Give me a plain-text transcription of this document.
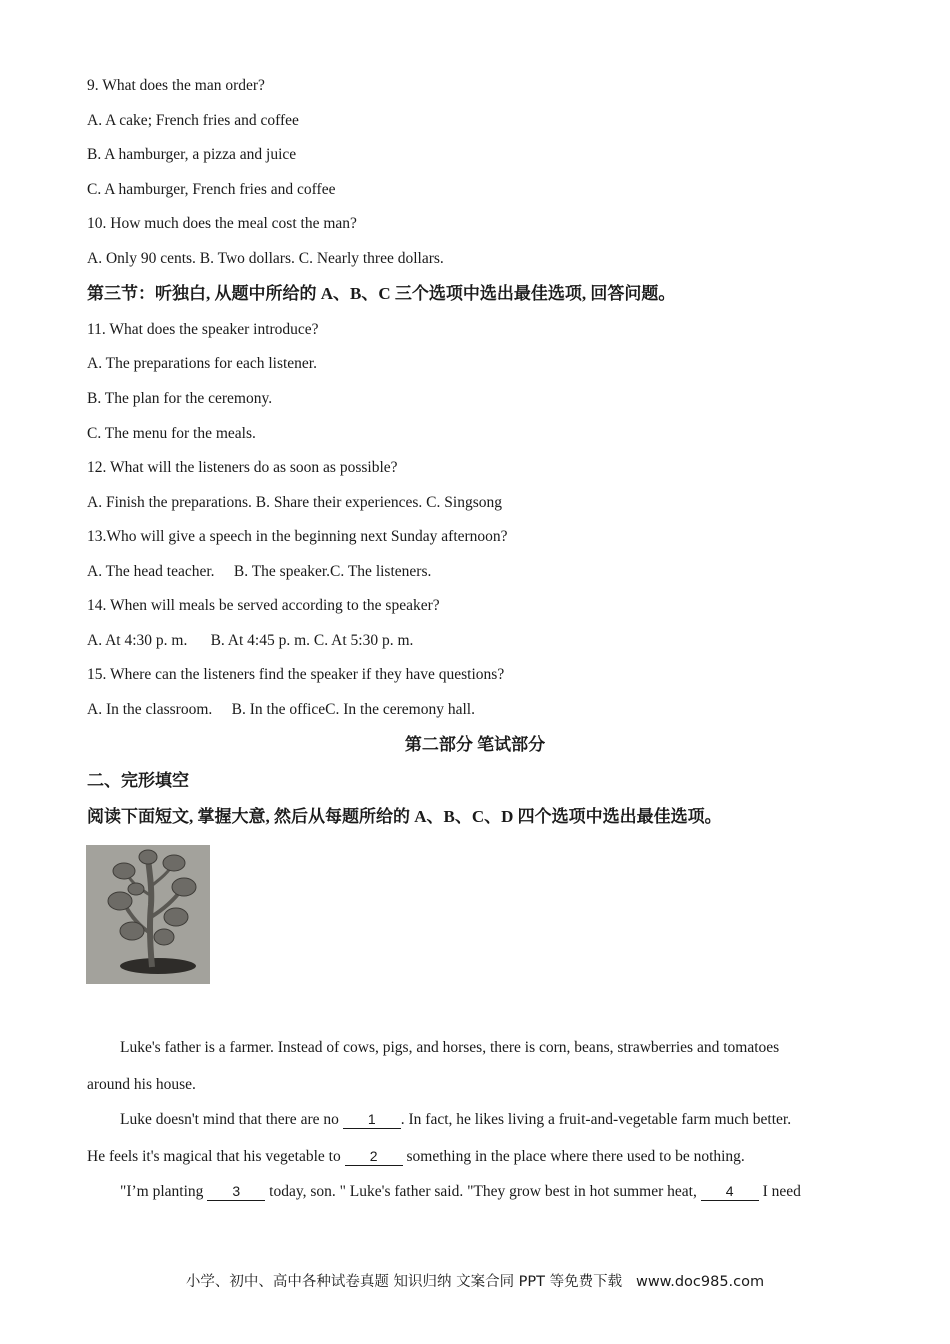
9. What does the man order?
A. A cake; French fries and coffee
B. A hamburger, a pizza and juice
C. A hamburger, French fries and coffee
10. How much does the meal cost the man?
A. Only 90 cents. B. Two dollars. C. Nearly three dollars.
第三节：听独白, 从题中所给的 A、B、C 三个选项中选出最佳选项, 回答问题。
11. What does the speaker introduce?
A. The preparations for each listener.
B. The plan for the ceremony.
C. The menu for the meals.
12. What will the listeners do as soon as possible?
A. Finish the preparations. B. Share their experiences. C. Singsong
13.Who will give a speech in the beginning next Sunday afternoon?
A. The head teacher.     B. The speaker.C. The listeners.
14. When will meals be served according to the speaker?
A. At 4:30 p. m.      B. At 4:45 p. m. C. At 5:30 p. m.
15. Where can the listeners find the speaker if they have questions?
A. In the classroom.     B. In the officeC. In the ceremony hall.
第二部分 笔试部分
二、完形填空
阅读下面短文, 掌握大意, 然后从每题所给的 A、B、C、D 四个选项中选出最佳选项。
Luke's father is a farmer. Instead of cows, pigs, and horses, there is corn, beans, strawberries and tomatoes
around his house.
Luke doesn't mind that there are no 1 . In fact, he likes living a fruit-and-vegetable farm much better.
He feels it's magical that his vegetable to 2 something in the place where there used to be nothing.
"I’m planting 3 today, son. " Luke's father said. "They grow best in hot summer heat, 4 I need
小学、初中、高中各种试卷真题 知识归纳 文案合同 PPT 等免费下载   www.doc985.com
